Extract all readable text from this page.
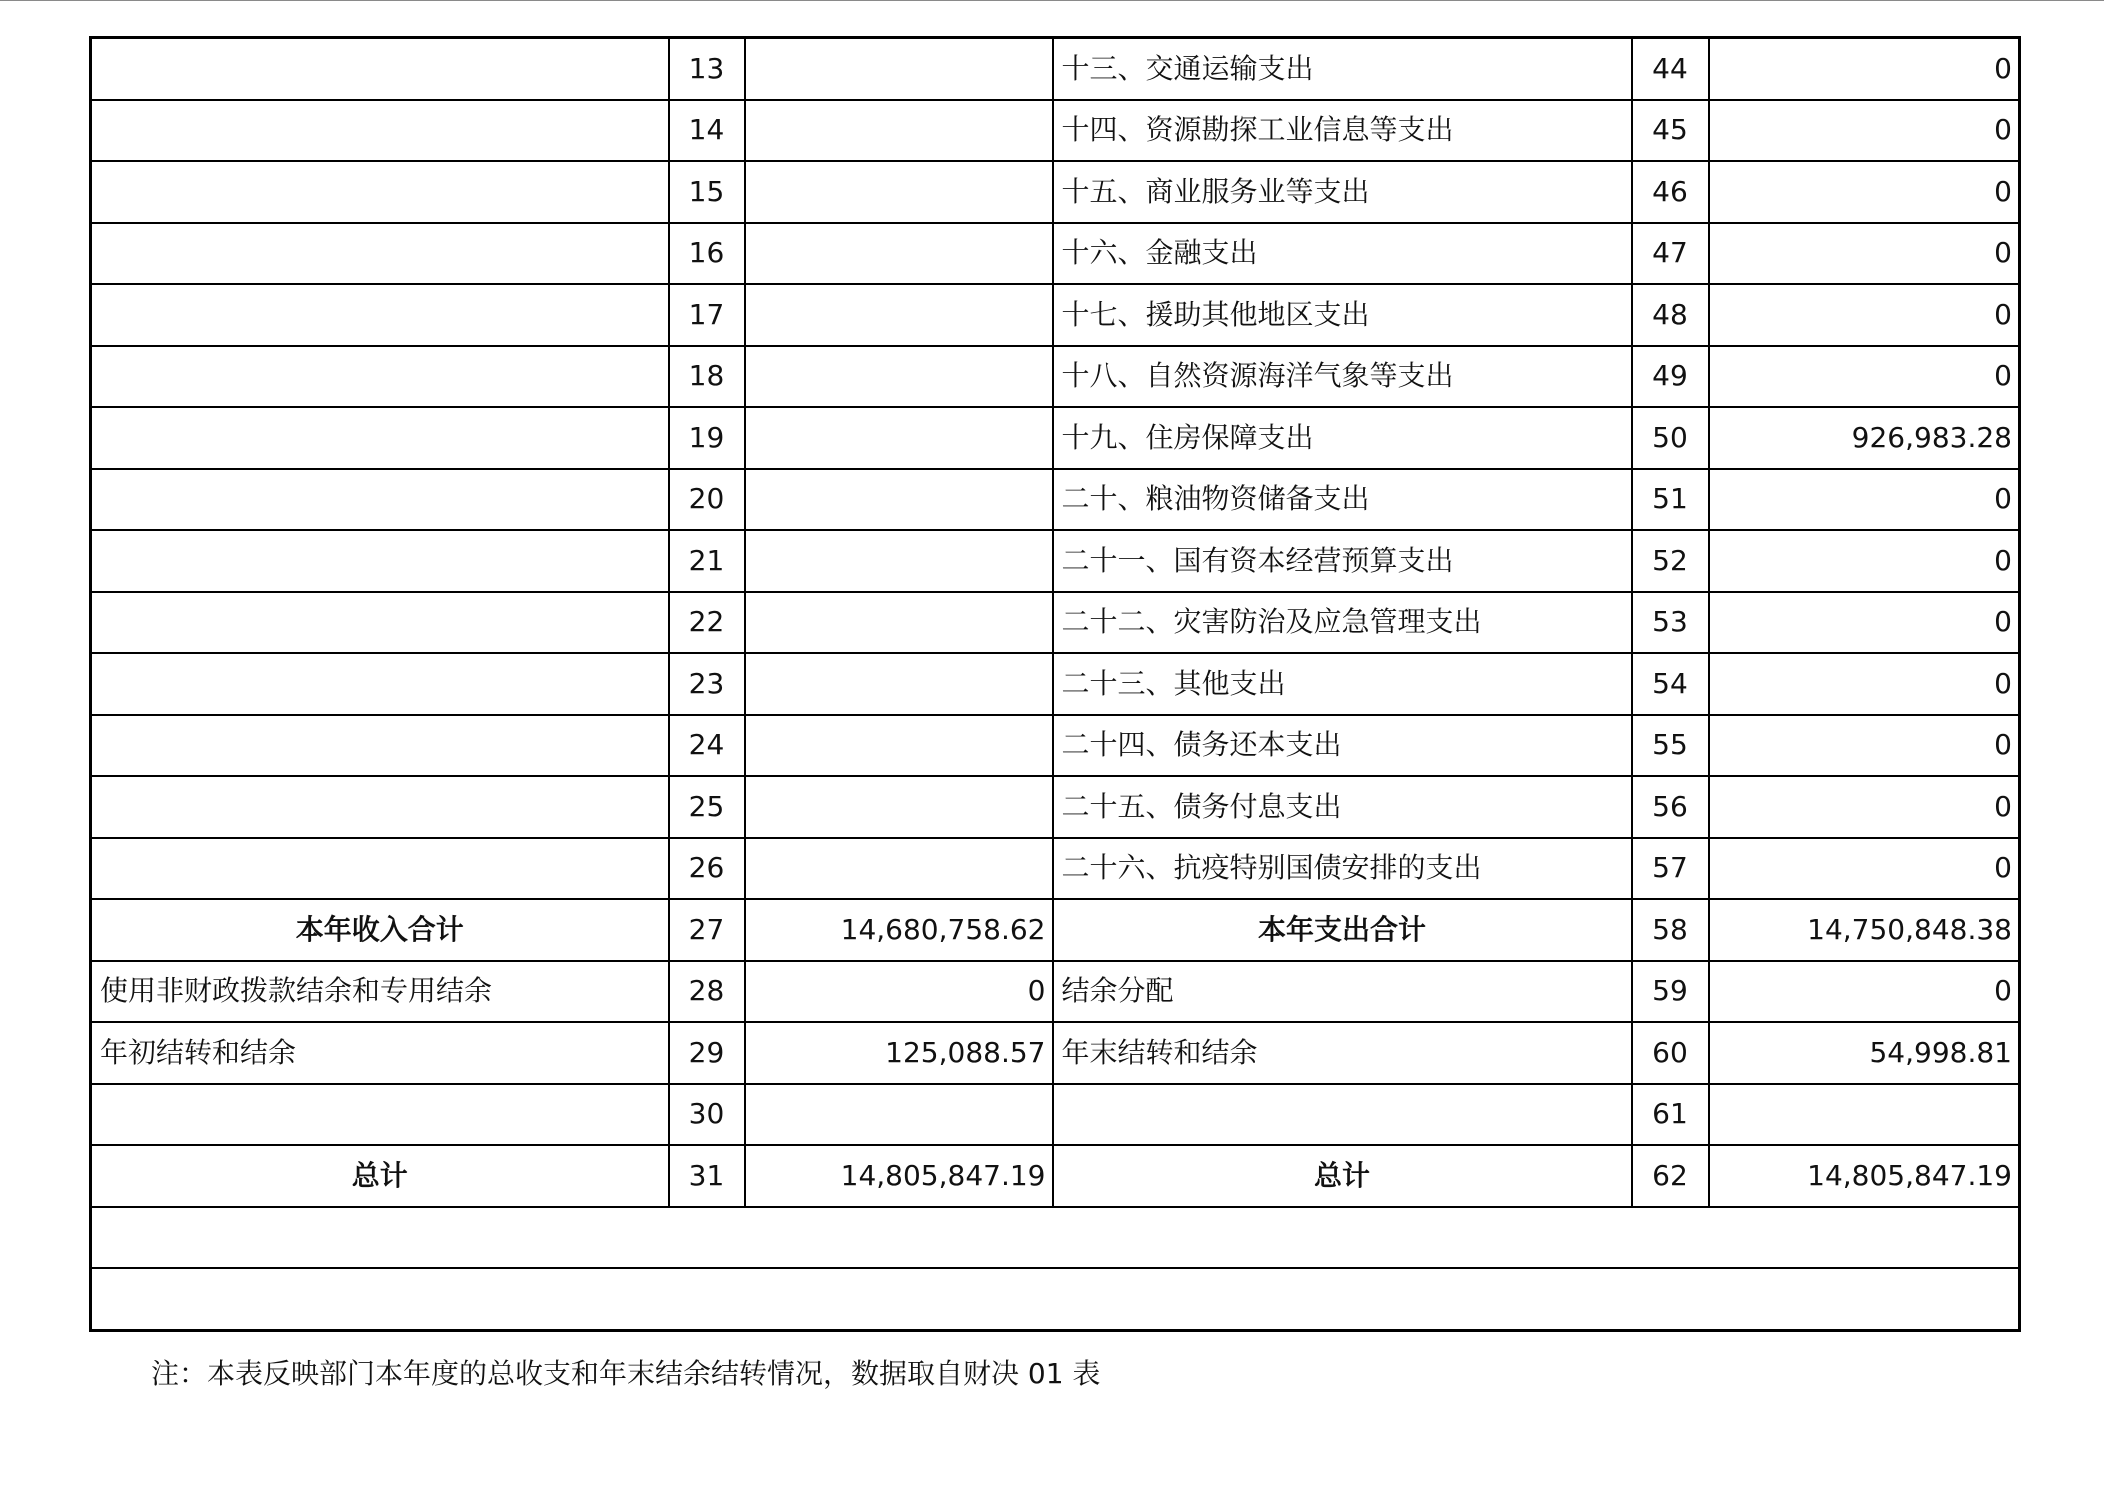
	13		十三、交通运输支出	44	0
	14		十四、资源勘探工业信息等支出	45	0
	15		十五、商业服务业等支出	46	0
	16		十六、金融支出	47	0
	17		十七、援助其他地区支出	48	0
	18		十八、自然资源海洋气象等支出	49	0
	19		十九、住房保障支出	50	926,983.28
	20		二十、粮油物资储备支出	51	0
	21		二十一、国有资本经营预算支出	52	0
	22		二十二、灾害防治及应急管理支出	53	0
	23		二十三、其他支出	54	0
	24		二十四、债务还本支出	55	0
	25		二十五、债务付息支出	56	0
	26		二十六、抗疫特别国债安排的支出	57	0
本年收入合计	27	14,680,758.62	本年支出合计	58	14,750,848.38
使用非财政拨款结余和专用结余	28	0	结余分配	59	0
年初结转和结余	29	125,088.57	年末结转和结余	60	54,998.81
	30			61	
总计	31	14,805,847.19	总计	62	14,805,847.19

注：本表反映部门本年度的总收支和年末结余结转情况，数据取自财决 01 表
